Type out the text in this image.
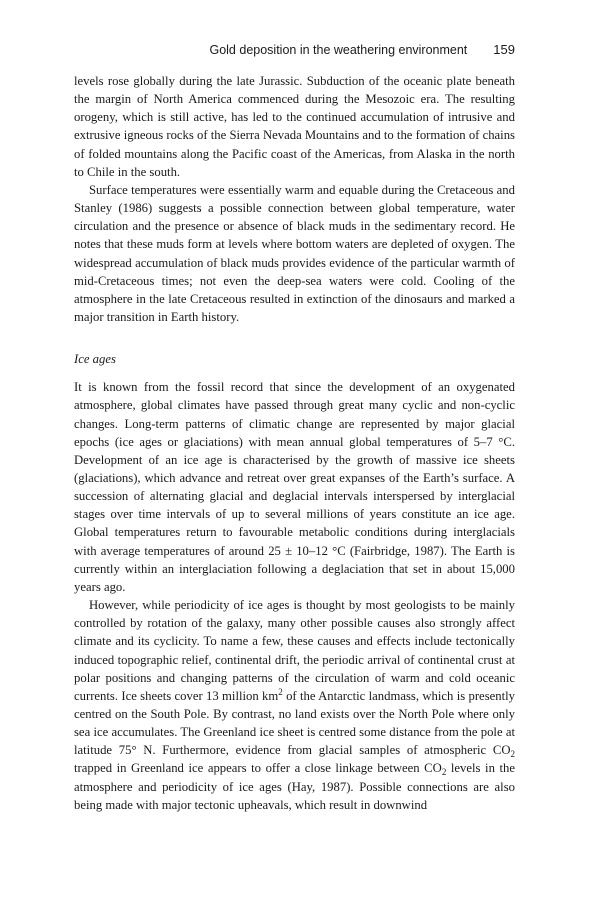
Gold deposition in the weathering environment 159

levels rose globally during the late Jurassic. Subduction of the oceanic plate beneath the margin of North America commenced during the Mesozoic era. The resulting orogeny, which is still active, has led to the continued accumulation of intrusive and extrusive igneous rocks of the Sierra Nevada Mountains and to the formation of chains of folded mountains along the Pacific coast of the Americas, from Alaska in the north to Chile in the south.

Surface temperatures were essentially warm and equable during the Cretaceous and Stanley (1986) suggests a possible connection between global temperature, water circulation and the presence or absence of black muds in the sedimentary record. He notes that these muds form at levels where bottom waters are depleted of oxygen. The widespread accumulation of black muds provides evidence of the particular warmth of mid-Cretaceous times; not even the deep-sea waters were cold. Cooling of the atmosphere in the late Cretaceous resulted in extinction of the dinosaurs and marked a major transition in Earth history.

Ice ages

It is known from the fossil record that since the development of an oxygenated atmosphere, global climates have passed through great many cyclic and non-cyclic changes. Long-term patterns of climatic change are represented by major glacial epochs (ice ages or glaciations) with mean annual global temperatures of 5–7 °C. Development of an ice age is characterised by the growth of massive ice sheets (glaciations), which advance and retreat over great expanses of the Earth’s surface. A succession of alternating glacial and deglacial intervals interspersed by interglacial stages over time intervals of up to several millions of years constitute an ice age. Global temperatures return to favourable metabolic conditions during interglacials with average temperatures of around 25 ± 10–12 °C (Fairbridge, 1987). The Earth is currently within an interglaciation following a deglaciation that set in about 15,000 years ago.

However, while periodicity of ice ages is thought by most geologists to be mainly controlled by rotation of the galaxy, many other possible causes also strongly affect climate and its cyclicity. To name a few, these causes and effects include tectonically induced topographic relief, continental drift, the periodic arrival of continental crust at polar positions and changing patterns of the circulation of warm and cold oceanic currents. Ice sheets cover 13 million $km^2$ of the Antarctic landmass, which is presently centred on the South Pole. By contrast, no land exists over the North Pole where only sea ice accumulates. The Greenland ice sheet is centred some distance from the pole at latitude 75° N. Furthermore, evidence from glacial samples of atmospheric $CO_2$ trapped in Greenland ice appears to offer a close linkage between $CO_2$ levels in the atmosphere and periodicity of ice ages (Hay, 1987). Possible connections are also being made with major tectonic upheavals, which result in downwind
